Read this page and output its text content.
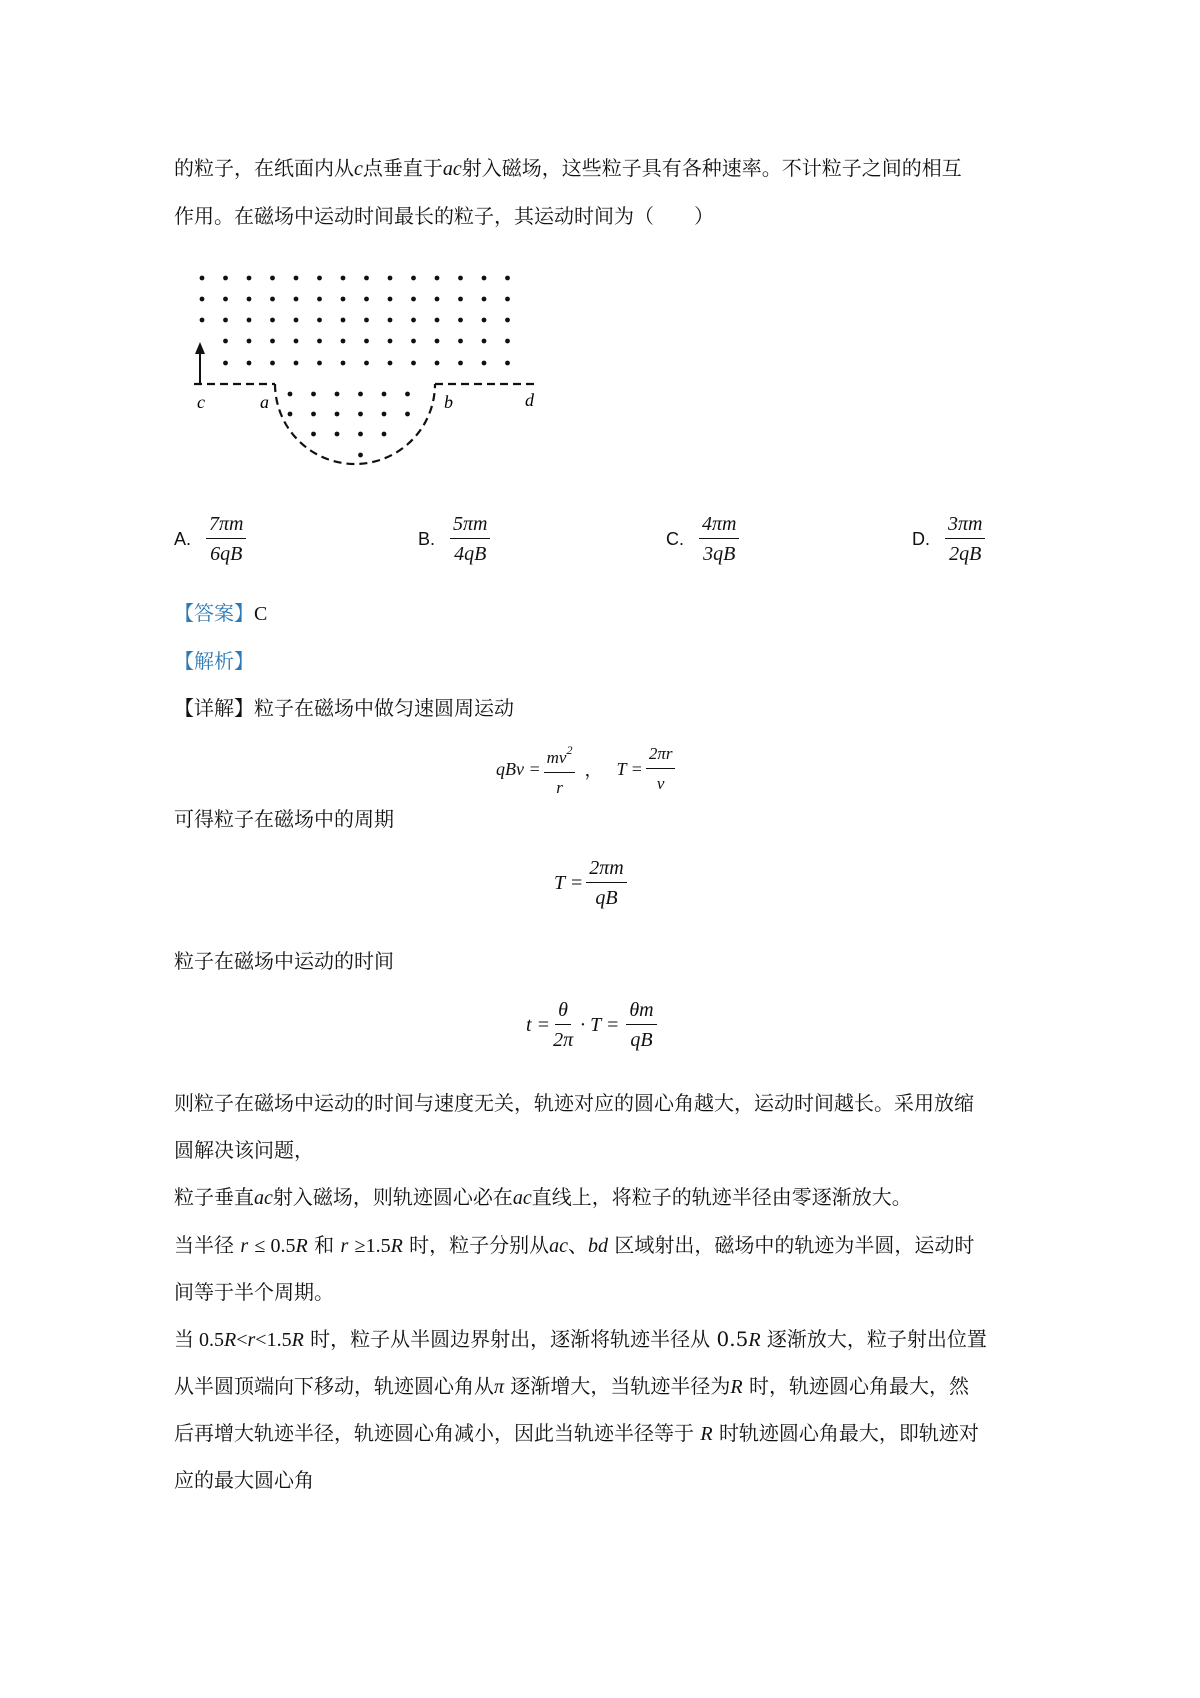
的粒子，在纸面内从c点垂直于ac射入磁场，这些粒子具有各种速率。不计粒子之间的相互
作用。在磁场中运动时间最长的粒子，其运动时间为（　　）
c	a	b	d
A. $\frac{7\pi m}{6qB}$	B. $\frac{5\pi m}{4qB}$	C. $\frac{4\pi m}{3qB}$	D. $\frac{3\pi m}{2qB}$
【答案】C
【解析】
【详解】粒子在磁场中做匀速圆周运动
qBv = $\frac{mv^2}{r}$ ， $T = \frac{2\pi r}{v}$
可得粒子在磁场中的周期
$T = \frac{2\pi m}{qB}$
粒子在磁场中运动的时间
$t = \frac{\theta}{2\pi} \cdot T = \frac{\theta m}{qB}$
则粒子在磁场中运动的时间与速度无关，轨迹对应的圆心角越大，运动时间越长。采用放缩
圆解决该问题，
粒子垂直ac射入磁场，则轨迹圆心必在ac直线上，将粒子的轨迹半径由零逐渐放大。
当半径 r ≤ 0.5R 和 r ≥1.5R 时，粒子分别从ac、bd 区域射出，磁场中的轨迹为半圆，运动时
间等于半个周期。
当 0.5R<r<1.5R 时，粒子从半圆边界射出，逐渐将轨迹半径从 0.5R 逐渐放大，粒子射出位置
从半圆顶端向下移动，轨迹圆心角从π 逐渐增大，当轨迹半径为R 时，轨迹圆心角最大，然
后再增大轨迹半径，轨迹圆心角减小，因此当轨迹半径等于 R 时轨迹圆心角最大，即轨迹对
应的最大圆心角
